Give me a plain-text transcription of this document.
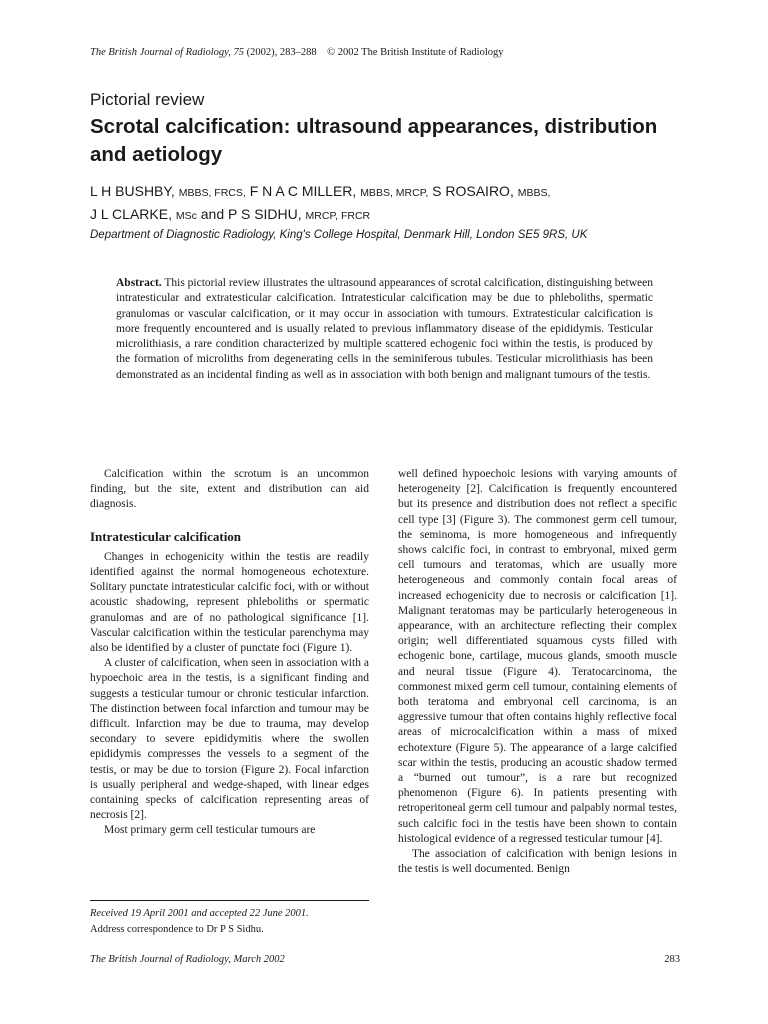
The British Journal of Radiology, 75 (2002), 283–288 © 2002 The British Institute of Radiology
Pictorial review
Scrotal calcification: ultrasound appearances, distribution and aetiology
L H BUSHBY, MBBS, FRCS, F N A C MILLER, MBBS, MRCP, S ROSAIRO, MBBS,
J L CLARKE, MSc and P S SIDHU, MRCP, FRCR
Department of Diagnostic Radiology, King's College Hospital, Denmark Hill, London SE5 9RS, UK
Abstract. This pictorial review illustrates the ultrasound appearances of scrotal calcification, distinguishing between intratesticular and extratesticular calcification. Intratesticular calcification may be due to phleboliths, spermatic granulomas or vascular calcification, or it may occur in association with tumours. Extratesticular calcification is more frequently encountered and is usually related to previous inflammatory disease of the epididymis. Testicular microlithiasis, a rare condition characterized by multiple scattered echogenic foci within the testis, is produced by the formation of microliths from degenerating cells in the seminiferous tubules. Testicular microlithiasis has been demonstrated as an incidental finding as well as in association with both benign and malignant tumours of the testis.

Calcification within the scrotum is an uncommon finding, but the site, extent and distribution can aid diagnosis.

Intratesticular calcification

Changes in echogenicity within the testis are readily identified against the normal homogeneous echotexture. Solitary punctate intratesticular calcific foci, with or without acoustic shadowing, represent phleboliths or spermatic granulomas and are of no pathological significance [1]. Vascular calcification within the testicular parenchyma may also be identified by a cluster of punctate foci (Figure 1).

A cluster of calcification, when seen in association with a hypoechoic area in the testis, is a significant finding and suggests a testicular tumour or chronic testicular infarction. The distinction between focal infarction and tumour may be difficult. Infarction may be due to trauma, may develop secondary to severe epididymitis where the swollen epididymis compresses the vessels to a segment of the testis, or may be due to torsion (Figure 2). Focal infarction is usually peripheral and wedge-shaped, with linear edges containing specks of calcification representing areas of necrosis [2].

Most primary germ cell testicular tumours are

well defined hypoechoic lesions with varying amounts of heterogeneity [2]. Calcification is frequently encountered but its presence and distribution does not reflect a specific cell type [3] (Figure 3). The commonest germ cell tumour, the seminoma, is more homogeneous and infrequently shows calcific foci, in contrast to embryonal, mixed germ cell tumours and teratomas, which are usually more heterogeneous and commonly contain focal areas of increased echogenicity due to necrosis or calcification [1]. Malignant teratomas may be particularly heterogeneous in appearance, with an architecture reflecting their complex origin; well differentiated squamous cysts filled with echogenic bone, cartilage, mucous glands, smooth muscle and neural tissue (Figure 4). Teratocarcinoma, the commonest mixed germ cell tumour, containing elements of both teratoma and embryonal cell carcinoma, is an aggressive tumour that often contains highly reflective focal areas of microcalcification within a mass of mixed echotexture (Figure 5). The appearance of a large calcified scar within the testis, producing an acoustic shadow termed a “burned out tumour”, is a rare but recognized phenomenon (Figure 6). In patients presenting with retroperitoneal germ cell tumour and palpably normal testes, such calcific foci in the testis have been shown to contain histological evidence of a regressed testicular tumour [4].

The association of calcification with benign lesions in the testis is well documented. Benign

Received 19 April 2001 and accepted 22 June 2001.
Address correspondence to Dr P S Sidhu.
The British Journal of Radiology, March 2002	283
